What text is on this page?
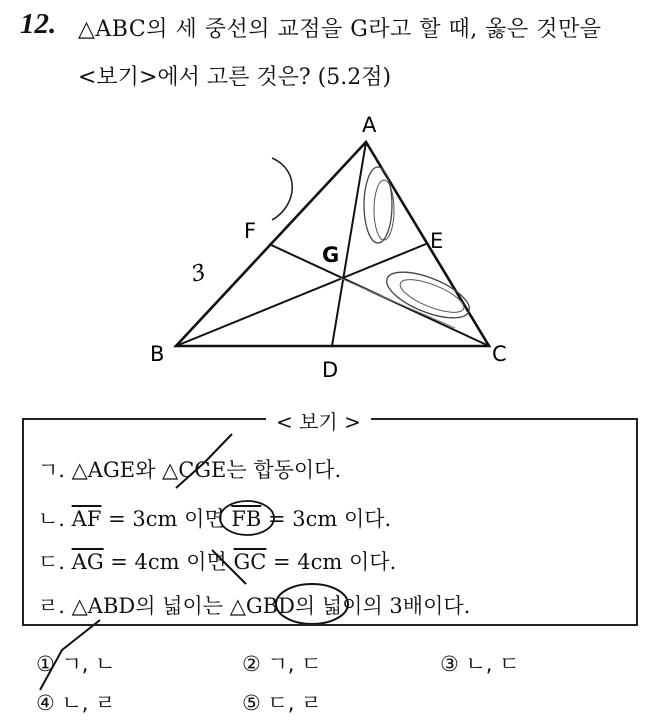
12. △ABC의 세 중선의 교점을 G라고 할 때, 옳은 것만을
<보기>에서 고른 것은? (5.2점)
A
B	C
D
E
F
G
3
< 보기 >
ㄱ. △AGE와 △CGE는 합동이다.
ㄴ. $\overline{AF} = 3cm$ 이면 $\overline{FB} = 3cm$ 이다.
ㄷ. $\overline{AG} = 4cm$ 이면 $\overline{GC} = 4cm$ 이다.
ㄹ. △ABD의 넓이는 △GBD의 넓이의 3배이다.
① ㄱ, ㄴ	② ㄱ, ㄷ	③ ㄴ, ㄷ
④ ㄴ, ㄹ	⑤ ㄷ, ㄹ
